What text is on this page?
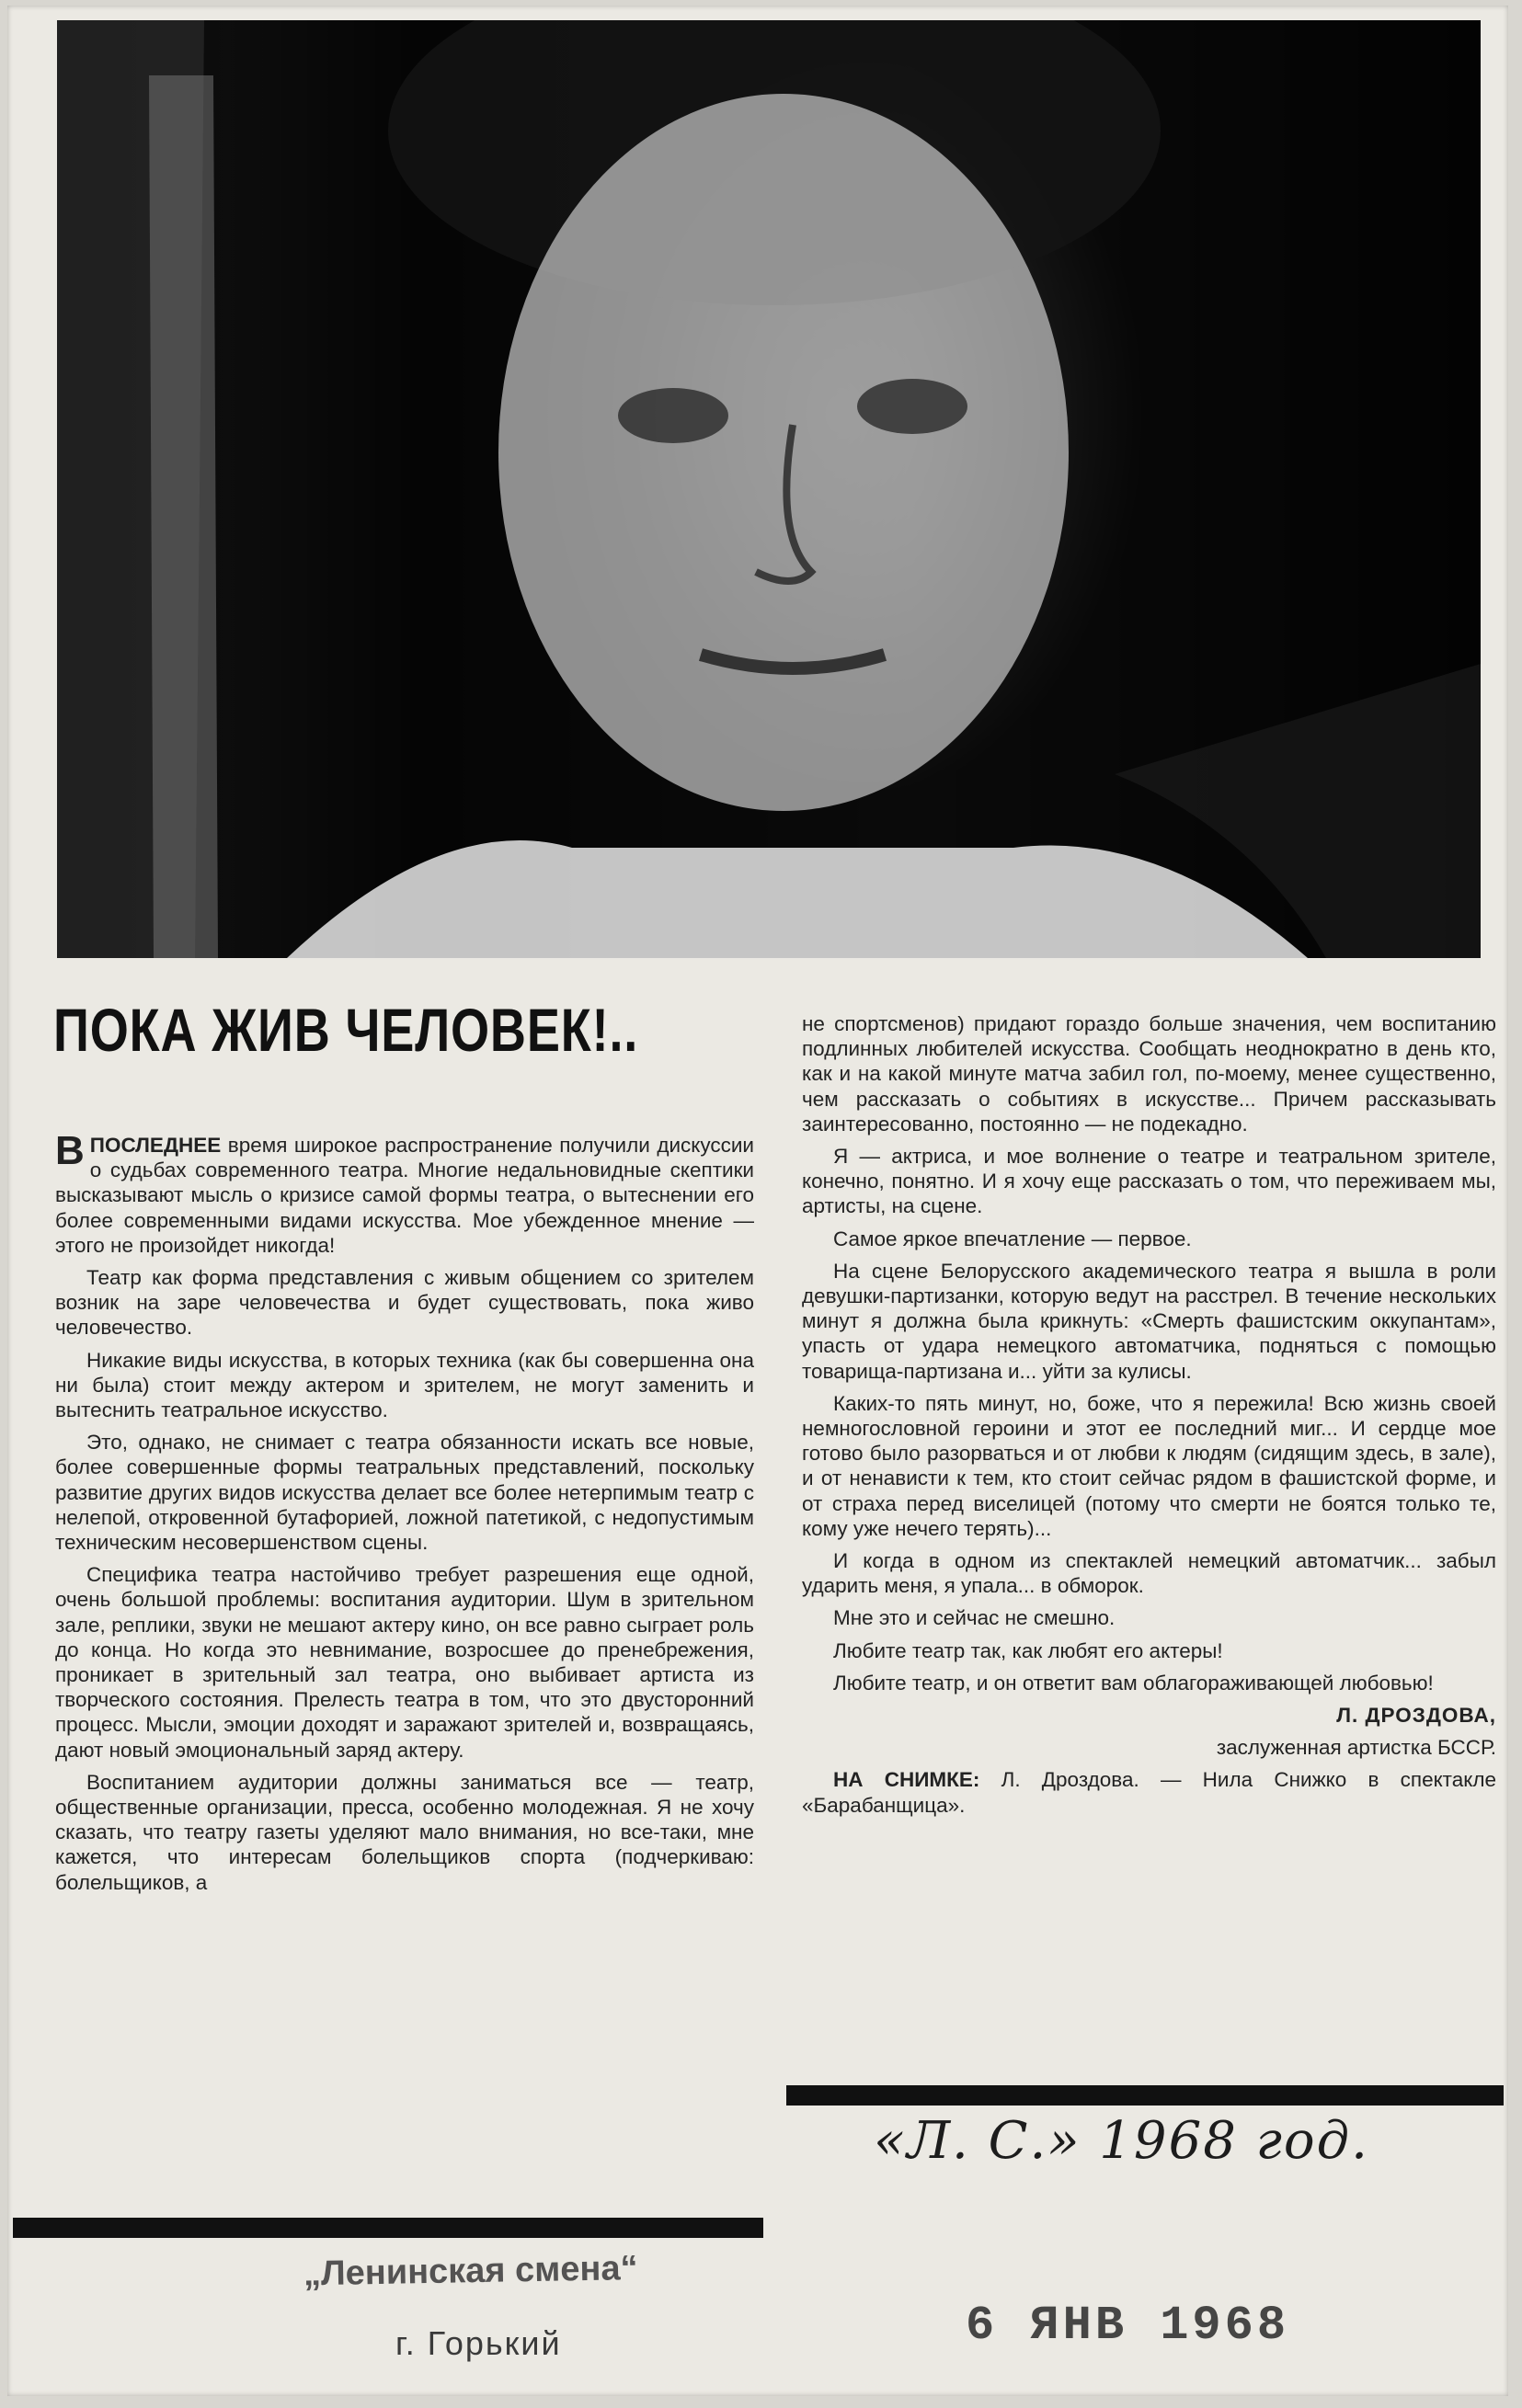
ПОКА ЖИВ ЧЕЛОВЕК!..

ВПОСЛЕДНЕЕ время широкое распространение получили дискуссии о судьбах современного театра. Многие недальновидные скептики высказывают мысль о кризисе самой формы театра, о вытеснении его более современными видами искусства. Мое убежденное мнение — этого не произойдет никогда!

Театр как форма представления с живым общением со зрителем возник на заре человечества и будет существовать, пока живо человечество.

Никакие виды искусства, в которых техника (как бы совершенна она ни была) стоит между актером и зрителем, не могут заменить и вытеснить театральное искусство.

Это, однако, не снимает с театра обязанности искать все новые, более совершенные формы театральных представлений, поскольку развитие других видов искусства делает все более нетерпимым театр с нелепой, откровенной бутафорией, ложной патетикой, с недопустимым техническим несовершенством сцены.

Специфика театра настойчиво требует разрешения еще одной, очень большой проблемы: воспитания аудитории. Шум в зрительном зале, реплики, звуки не мешают актеру кино, он все равно сыграет роль до конца. Но когда это невнимание, возросшее до пренебрежения, проникает в зрительный зал театра, оно выбивает артиста из творческого состояния. Прелесть театра в том, что это двусторонний процесс. Мысли, эмоции доходят и заражают зрителей и, возвращаясь, дают новый эмоциональный заряд актеру.

Воспитанием аудитории должны заниматься все — театр, общественные организации, пресса, особенно молодежная. Я не хочу сказать, что театру газеты уделяют мало внимания, но все-таки, мне кажется, что интересам болельщиков спорта (подчеркиваю: болельщиков, а

не спортсменов) придают гораздо больше значения, чем воспитанию подлинных любителей искусства. Сообщать неоднократно в день кто, как и на какой минуте матча забил гол, по-моему, менее существенно, чем рассказать о событиях в искусстве... Причем рассказывать заинтересованно, постоянно — не подекадно.

Я — актриса, и мое волнение о театре и театральном зрителе, конечно, понятно. И я хочу еще рассказать о том, что переживаем мы, артисты, на сцене.

Самое яркое впечатление — первое.

На сцене Белорусского академического театра я вышла в роли девушки-партизанки, которую ведут на расстрел. В течение нескольких минут я должна была крикнуть: «Смерть фашистским оккупантам», упасть от удара немецкого автоматчика, подняться с помощью товарища-партизана и... уйти за кулисы.

Каких-то пять минут, но, боже, что я пережила! Всю жизнь своей немногословной героини и этот ее последний миг... И сердце мое готово было разорваться и от любви к людям (сидящим здесь, в зале), и от ненависти к тем, кто стоит сейчас рядом в фашистской форме, и от страха перед виселицей (потому что смерти не боятся только те, кому уже нечего терять)...

И когда в одном из спектаклей немецкий автоматчик... забыл ударить меня, я упала... в обморок.

Мне это и сейчас не смешно.

Любите театр так, как любят его актеры!

Любите театр, и он ответит вам облагораживающей любовью!

Л. ДРОЗДОВА,

заслуженная артистка БССР.

НА СНИМКЕ: Л. Дроздова. — Нила Снижко в спектакле «Барабанщица».

«Л. С.» 1968 год.
„Ленинская смена“
г. Горький	6 ЯНВ 1968
